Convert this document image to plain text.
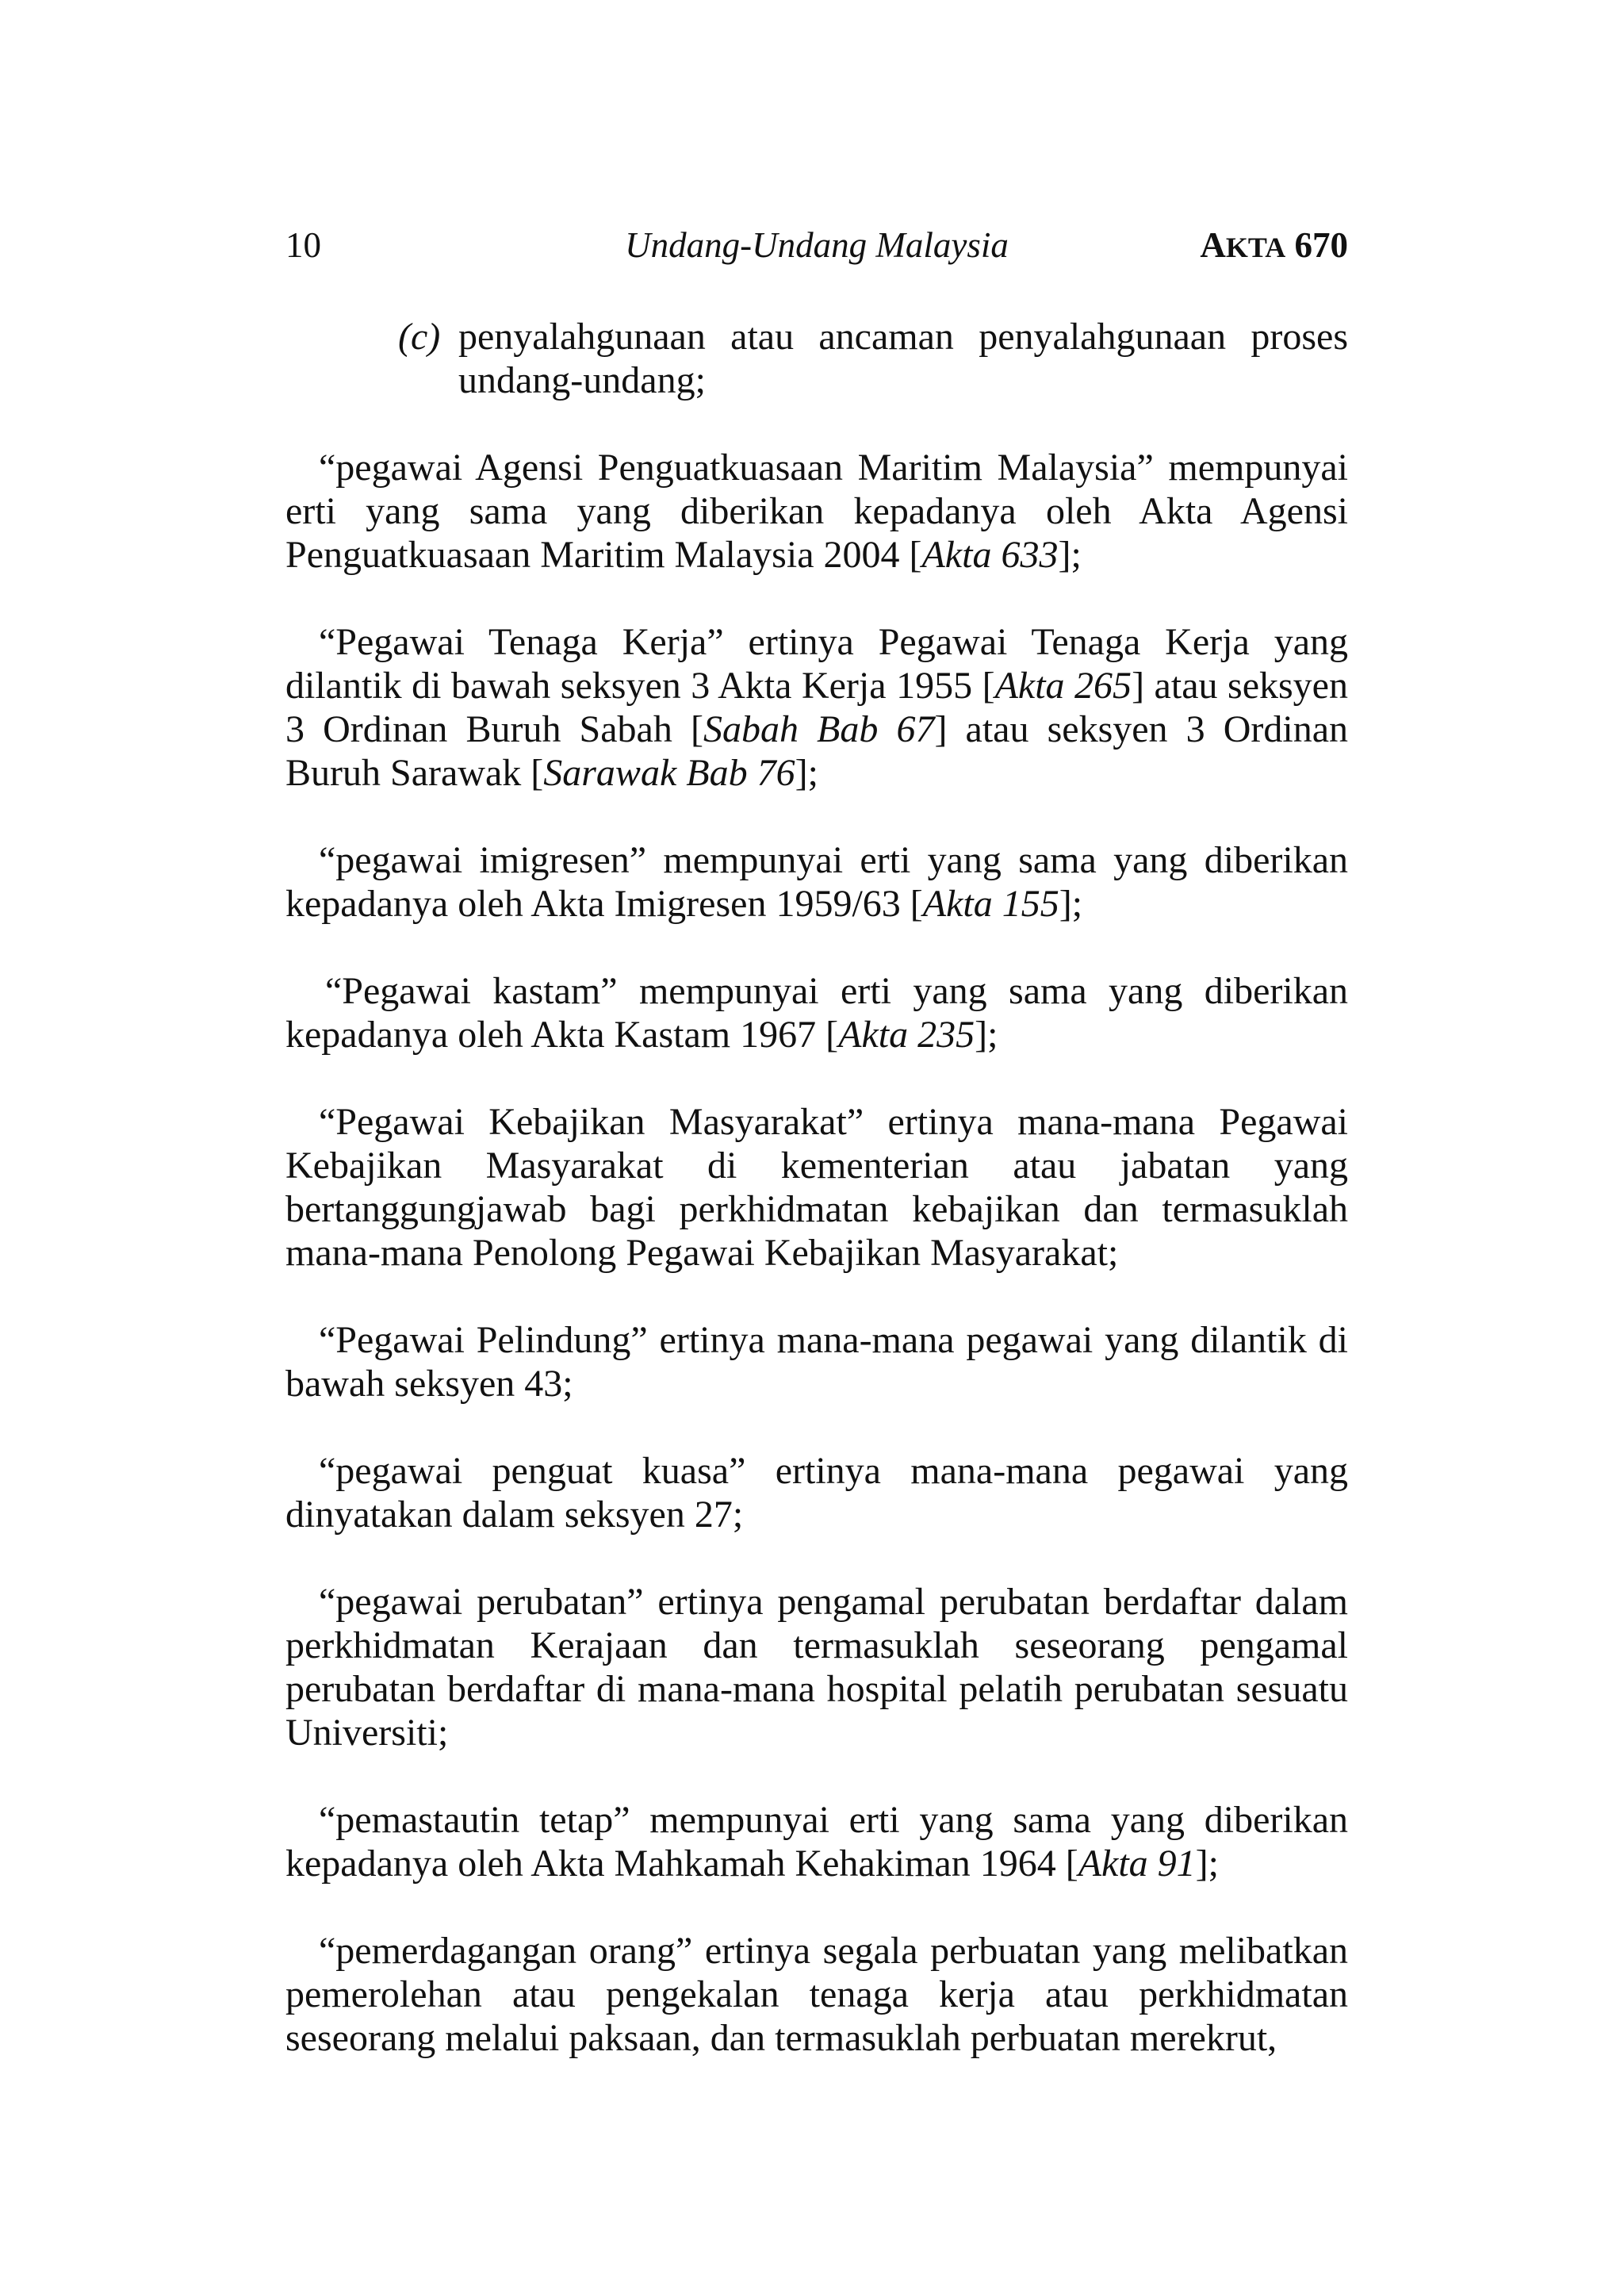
10	Undang-Undang Malaysia	AKTA 670
(c) penyalahgunaan atau ancaman penyalahgunaan proses undang-undang;

“pegawai Agensi Penguatkuasaan Maritim Malaysia” mempunyai erti yang sama yang diberikan kepadanya oleh Akta Agensi Penguatkuasaan Maritim Malaysia 2004 [Akta 633];

“Pegawai Tenaga Kerja” ertinya Pegawai Tenaga Kerja yang dilantik di bawah seksyen 3 Akta Kerja 1955 [Akta 265] atau seksyen 3 Ordinan Buruh Sabah [Sabah Bab 67] atau seksyen 3 Ordinan Buruh Sarawak [Sarawak Bab 76];

“pegawai imigresen” mempunyai erti yang sama yang diberikan kepadanya oleh Akta Imigresen 1959/63 [Akta 155];

“Pegawai kastam” mempunyai erti yang sama yang diberikan kepadanya oleh Akta Kastam 1967 [Akta 235];

“Pegawai Kebajikan Masyarakat” ertinya mana-mana Pegawai Kebajikan Masyarakat di kementerian atau jabatan yang bertanggungjawab bagi perkhidmatan kebajikan dan termasuklah mana-mana Penolong Pegawai Kebajikan Masyarakat;

“Pegawai Pelindung” ertinya mana-mana pegawai yang dilantik di bawah seksyen 43;

“pegawai penguat kuasa” ertinya mana-mana pegawai yang dinyatakan dalam seksyen 27;

“pegawai perubatan” ertinya pengamal perubatan berdaftar dalam perkhidmatan Kerajaan dan termasuklah seseorang pengamal perubatan berdaftar di mana-mana hospital pelatih perubatan sesuatu Universiti;

“pemastautin tetap” mempunyai erti yang sama yang diberikan kepadanya oleh Akta Mahkamah Kehakiman 1964 [Akta 91];

“pemerdagangan orang” ertinya segala perbuatan yang melibatkan pemerolehan atau pengekalan tenaga kerja atau perkhidmatan seseorang melalui paksaan, dan termasuklah perbuatan merekrut,
